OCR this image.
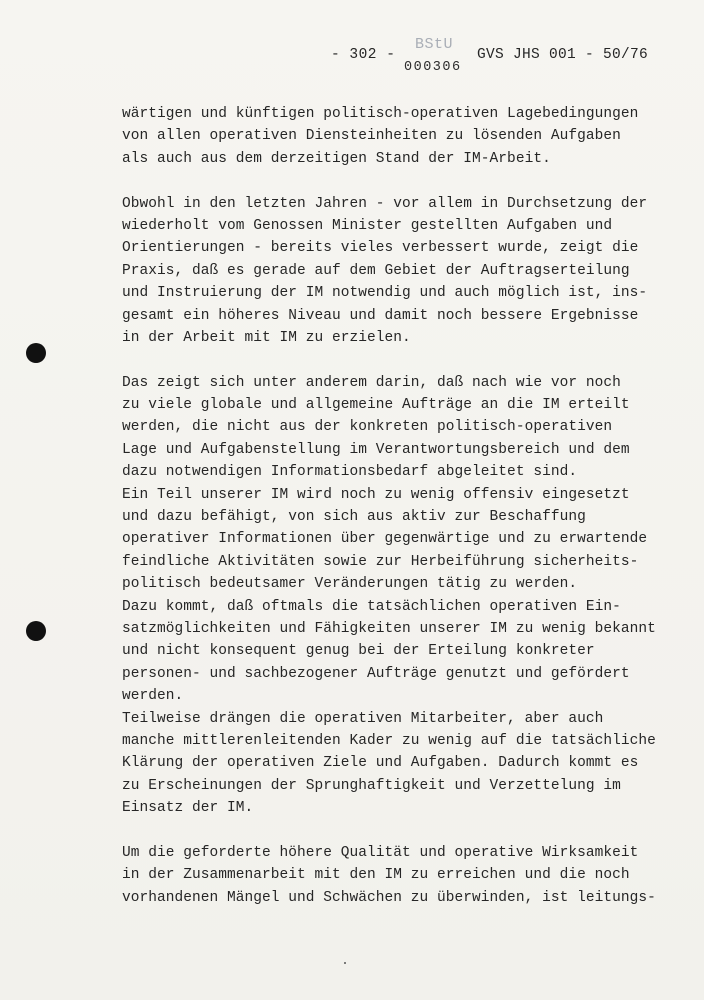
- 302 -
BStU
000306
GVS JHS 001 - 50/76
wärtigen und künftigen politisch-operativen Lagebedingungen
von allen operativen Diensteinheiten zu lösenden Aufgaben
als auch aus dem derzeitigen Stand der IM-Arbeit.
Obwohl in den letzten Jahren - vor allem in Durchsetzung der
wiederholt vom Genossen Minister gestellten Aufgaben und
Orientierungen - bereits vieles verbessert wurde, zeigt die
Praxis, daß es gerade auf dem Gebiet der Auftragserteilung
und Instruierung der IM notwendig und auch möglich ist, ins-
gesamt ein höheres Niveau und damit noch bessere Ergebnisse
in der Arbeit mit IM zu erzielen.
Das zeigt sich unter anderem darin, daß nach wie vor noch
zu viele globale und allgemeine Aufträge an die IM erteilt
werden, die nicht aus der konkreten politisch-operativen
Lage und Aufgabenstellung im Verantwortungsbereich und dem
dazu notwendigen Informationsbedarf abgeleitet sind.
Ein Teil unserer IM wird noch zu wenig offensiv eingesetzt
und dazu befähigt, von sich aus aktiv zur Beschaffung
operativer Informationen über gegenwärtige und zu erwartende
feindliche Aktivitäten sowie zur Herbeiführung sicherheits-
politisch bedeutsamer Veränderungen tätig zu werden.
Dazu kommt, daß oftmals die tatsächlichen operativen Ein-
satzmöglichkeiten und Fähigkeiten unserer IM zu wenig bekannt
und nicht konsequent genug bei der Erteilung konkreter
personen- und sachbezogener Aufträge genutzt und gefördert
werden.
Teilweise drängen die operativen Mitarbeiter, aber auch
manche mittlerenleitenden Kader zu wenig auf die tatsächliche
Klärung der operativen Ziele und Aufgaben. Dadurch kommt es
zu Erscheinungen der Sprunghaftigkeit und Verzettelung im
Einsatz der IM.
Um die geforderte höhere Qualität und operative Wirksamkeit
in der Zusammenarbeit mit den IM zu erreichen und die noch
vorhandenen Mängel und Schwächen zu überwinden, ist leitungs-
